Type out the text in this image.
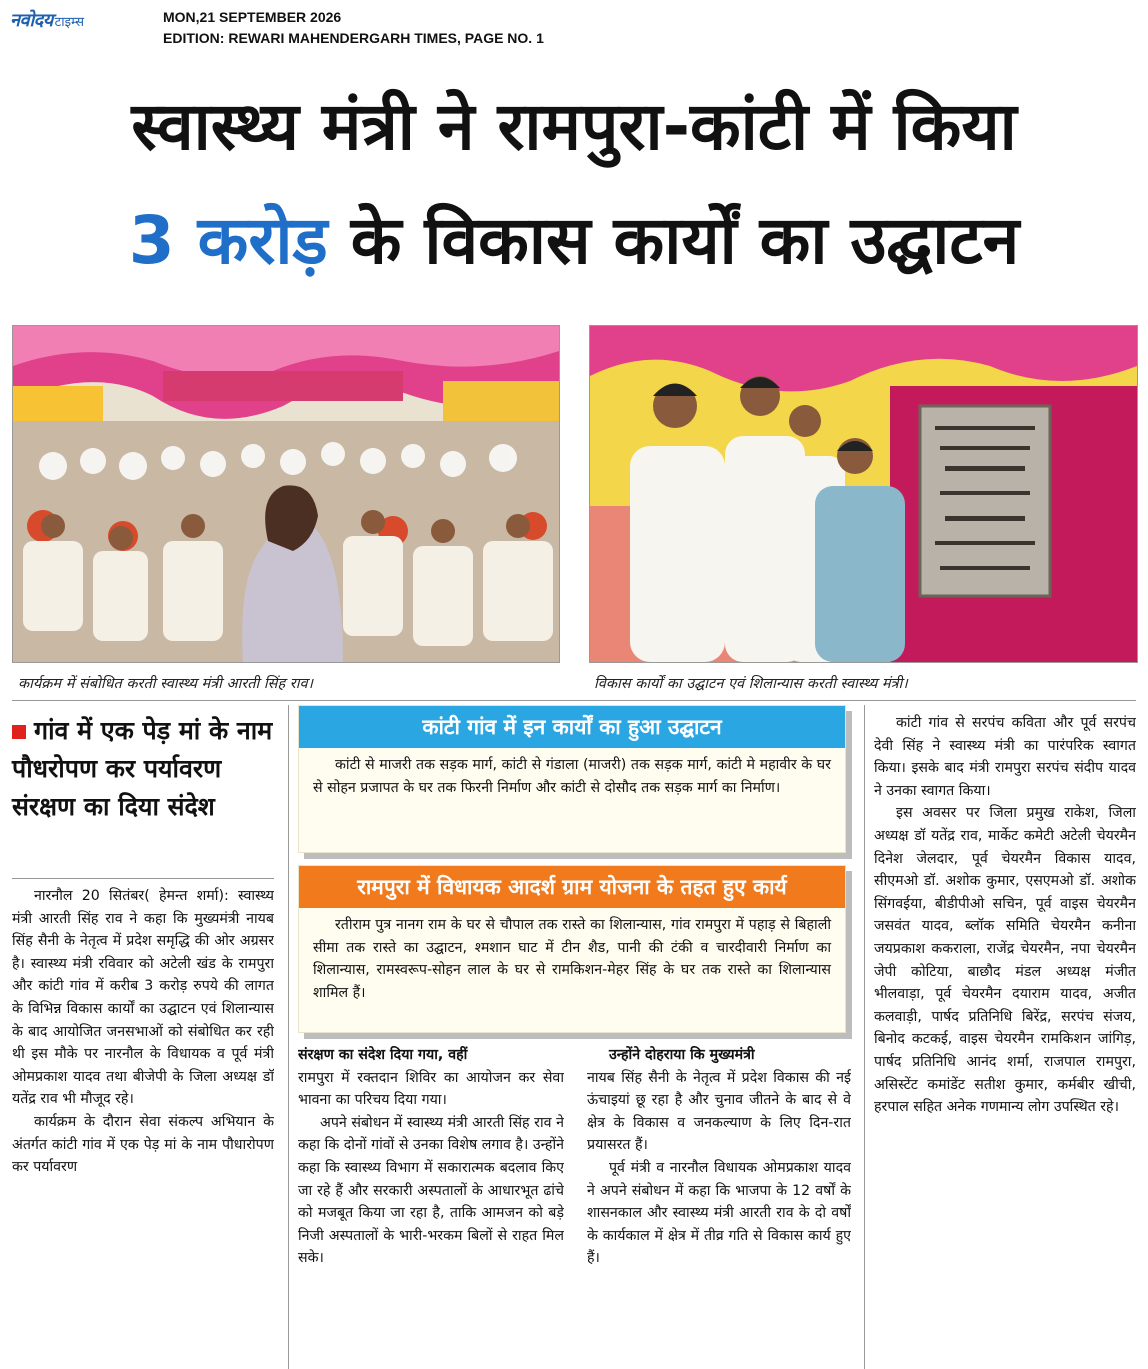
नवोदय टाइम्स	MON,21 SEPTEMBER 2026
EDITION: REWARI MAHENDERGARH TIMES, PAGE NO. 1
स्वास्थ्य मंत्री ने रामपुरा-कांटी में किया
3 करोड़ के विकास कार्यों का उद्घाटन
कार्यक्रम में संबोधित करती स्वास्थ्य मंत्री आरती सिंह राव।	विकास कार्यों का उद्घाटन एवं शिलान्यास करती स्वास्थ्य मंत्री।
गांव में एक पेड़ मां के नाम पौधरोपण कर पर्यावरण संरक्षण का दिया संदेश

नारनौल 20 सितंबर( हेमन्त शर्मा): स्वास्थ्य मंत्री आरती सिंह राव ने कहा कि मुख्यमंत्री नायब सिंह सैनी के नेतृत्व में प्रदेश समृद्धि की ओर अग्रसर है। स्वास्थ्य मंत्री रविवार को अटेली खंड के रामपुरा और कांटी गांव में करीब 3 करोड़ रुपये की लागत के विभिन्न विकास कार्यों का उद्घाटन एवं शिलान्यास के बाद आयोजित जनसभाओं को संबोधित कर रही थी इस मौके पर नारनौल के विधायक व पूर्व मंत्री ओमप्रकाश यादव तथा बीजेपी के जिला अध्यक्ष डॉ यतेंद्र राव भी मौजूद रहे।

कार्यक्रम के दौरान सेवा संकल्प अभियान के अंतर्गत कांटी गांव में एक पेड़ मां के नाम पौधारोपण कर पर्यावरण

कांटी गांव में इन कार्यों का हुआ उद्घाटन

कांटी से माजरी तक सड़क मार्ग, कांटी से गंडाला (माजरी) तक सड़क मार्ग, कांटी मे महावीर के घर से सोहन प्रजापत के घर तक फिरनी निर्माण और कांटी से दोसौद तक सड़क मार्ग का निर्माण।

रामपुरा में विधायक आदर्श ग्राम योजना के तहत हुए कार्य

रतीराम पुत्र नानग राम के घर से चौपाल तक रास्ते का शिलान्यास, गांव रामपुरा में पहाड़ से बिहाली सीमा तक रास्ते का उद्घाटन, श्मशान घाट में टीन शैड, पानी की टंकी व चारदीवारी निर्माण का शिलान्यास, रामस्वरूप-सोहन लाल के घर से रामकिशन-मेहर सिंह के घर तक रास्ते का शिलान्यास शामिल हैं।

संरक्षण का संदेश दिया गया, वहीं

रामपुरा में रक्तदान शिविर का आयोजन कर सेवा भावना का परिचय दिया गया।

अपने संबोधन में स्वास्थ्य मंत्री आरती सिंह राव ने कहा कि दोनों गांवों से उनका विशेष लगाव है। उन्होंने कहा कि स्वास्थ्य विभाग में सकारात्मक बदलाव किए जा रहे हैं और सरकारी अस्पतालों के आधारभूत ढांचे को मजबूत किया जा रहा है, ताकि आमजन को बड़े निजी अस्पतालों के भारी-भरकम बिलों से राहत मिल सके।

उन्होंने दोहराया कि मुख्यमंत्री

नायब सिंह सैनी के नेतृत्व में प्रदेश विकास की नई ऊंचाइयां छू रहा है और चुनाव जीतने के बाद से वे क्षेत्र के विकास व जनकल्याण के लिए दिन-रात प्रयासरत हैं।

पूर्व मंत्री व नारनौल विधायक ओमप्रकाश यादव ने अपने संबोधन में कहा कि भाजपा के 12 वर्षों के शासनकाल और स्वास्थ्य मंत्री आरती राव के दो वर्षों के कार्यकाल में क्षेत्र में तीव्र गति से विकास कार्य हुए हैं।

कांटी गांव से सरपंच कविता और पूर्व सरपंच देवी सिंह ने स्वास्थ्य मंत्री का पारंपरिक स्वागत किया। इसके बाद मंत्री रामपुरा सरपंच संदीप यादव ने उनका स्वागत किया।

इस अवसर पर जिला प्रमुख राकेश, जिला अध्यक्ष डॉ यतेंद्र राव, मार्केट कमेटी अटेली चेयरमैन दिनेश जेलदार, पूर्व चेयरमैन विकास यादव, सीएमओ डॉ. अशोक कुमार, एसएमओ डॉ. अशोक सिंगवईया, बीडीपीओ सचिन, पूर्व वाइस चेयरमैन जसवंत यादव, ब्लॉक समिति चेयरमैन कनीना जयप्रकाश ककराला, राजेंद्र चेयरमैन, नपा चेयरमैन जेपी कोटिया, बाछौद मंडल अध्यक्ष मंजीत भीलवाड़ा, पूर्व चेयरमैन दयाराम यादव, अजीत कलवाड़ी, पार्षद प्रतिनिधि बिरेंद्र, सरपंच संजय, बिनोद कटकई, वाइस चेयरमैन रामकिशन जांगिड़, पार्षद प्रतिनिधि आनंद शर्मा, राजपाल रामपुरा, असिस्टेंट कमांडेंट सतीश कुमार, कर्मबीर खीची, हरपाल सहित अनेक गणमान्य लोग उपस्थित रहे।
